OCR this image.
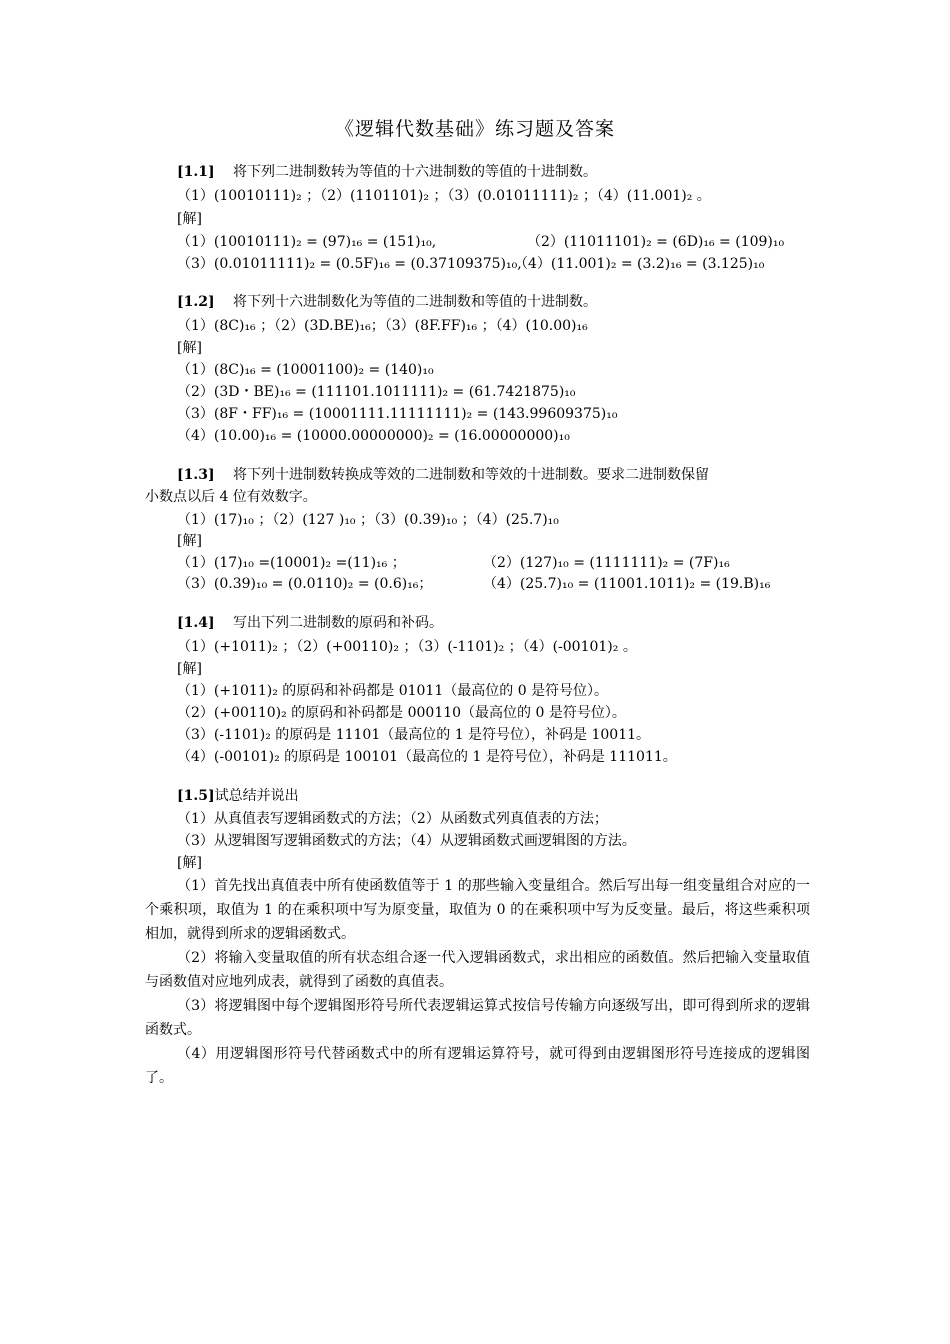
《逻辑代数基础》练习题及答案
[1.1] 将下列二进制数转为等值的十六进制数的等值的十进制数。
（1）(10010111)₂ ；（2）(1101101)₂ ；（3）(0.01011111)₂ ；（4）(11.001)₂ 。
[解]
（1）(10010111)₂ = (97)₁₆ = (151)₁₀,	（2）(11011101)₂ = (6D)₁₆ = (109)₁₀
（3）(0.01011111)₂ = (0.5F)₁₆ = (0.37109375)₁₀,
（4）(11.001)₂ = (3.2)₁₆ = (3.125)₁₀
[1.2] 将下列十六进制数化为等值的二进制数和等值的十进制数。
（1）(8C)₁₆ ；（2）(3D.BE)₁₆；（3）(8F.FF)₁₆ ；（4）(10.00)₁₆
[解]
（1）(8C)₁₆ = (10001100)₂ = (140)₁₀
（2）(3D・BE)₁₆ = (111101.1011111)₂ = (61.7421875)₁₀
（3）(8F・FF)₁₆ = (10001111.11111111)₂ = (143.99609375)₁₀
（4）(10.00)₁₆ = (10000.00000000)₂ = (16.00000000)₁₀
[1.3] 将下列十进制数转换成等效的二进制数和等效的十进制数。要求二进制数保留
小数点以后 4 位有效数字。
（1）(17)₁₀ ；（2）(127 )₁₀ ；（3）(0.39)₁₀ ；（4）(25.7)₁₀
[解]
（1）(17)₁₀ =(10001)₂ =(11)₁₆ ；	（2）(127)₁₀ = (1111111)₂ = (7F)₁₆
（3）(0.39)₁₀ = (0.0110)₂ = (0.6)₁₆；	（4）(25.7)₁₀ = (11001.1011)₂ = (19.B)₁₆
[1.4] 写出下列二进制数的原码和补码。
（1）(+1011)₂ ；（2）(+00110)₂ ；（3）(-1101)₂ ；（4）(-00101)₂ 。
[解]
（1）(+1011)₂ 的原码和补码都是 01011（最高位的 0 是符号位）。
（2）(+00110)₂ 的原码和补码都是 000110（最高位的 0 是符号位）。
（3）(-1101)₂ 的原码是 11101（最高位的 1 是符号位），补码是 10011。
（4）(-00101)₂ 的原码是 100101（最高位的 1 是符号位），补码是 111011。
[1.5]试总结并说出
（1）从真值表写逻辑函数式的方法；（2）从函数式列真值表的方法；
（3）从逻辑图写逻辑函数式的方法；（4）从逻辑函数式画逻辑图的方法。
[解]
（1）首先找出真值表中所有使函数值等于 1 的那些输入变量组合。然后写出每一组变量组合对应的一个乘积项，取值为 1 的在乘积项中写为原变量，取值为 0 的在乘积项中写为反变量。最后，将这些乘积项相加，就得到所求的逻辑函数式。
（2）将输入变量取值的所有状态组合逐一代入逻辑函数式，求出相应的函数值。然后把输入变量取值与函数值对应地列成表，就得到了函数的真值表。
（3）将逻辑图中每个逻辑图形符号所代表逻辑运算式按信号传输方向逐级写出，即可得到所求的逻辑函数式。
（4）用逻辑图形符号代替函数式中的所有逻辑运算符号，就可得到由逻辑图形符号连接成的逻辑图了。
